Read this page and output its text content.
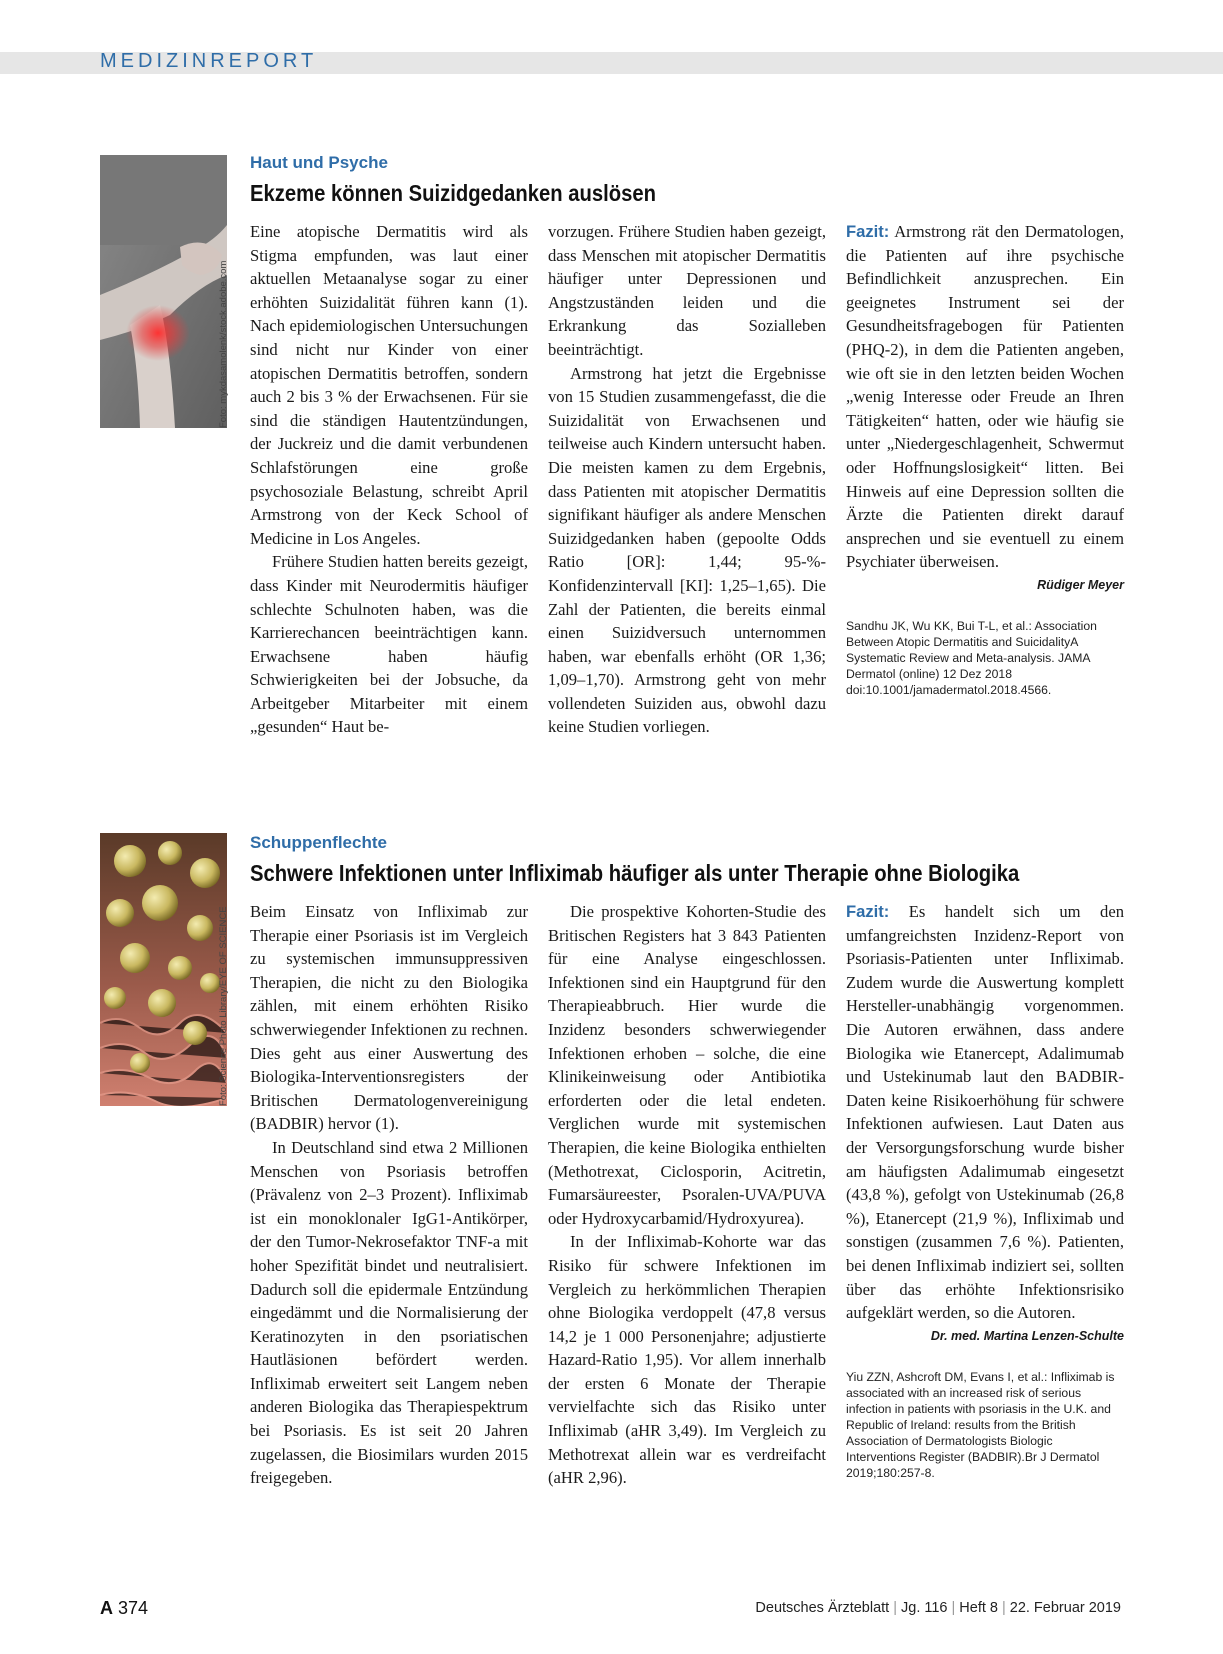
MEDIZINREPORT
Foto: mykdasamolenk/stock.adobe.com
Haut und Psyche
Ekzeme können Suizidgedanken auslösen

Eine atopische Dermatitis wird als Stigma empfunden, was laut einer aktuellen Metaanalyse sogar zu einer erhöhten Suizidalität führen kann (1). Nach epidemiologischen Untersuchungen sind nicht nur Kinder von einer atopischen Dermatitis betroffen, sondern auch 2 bis 3 % der Erwachsenen. Für sie sind die ständigen Hautentzündungen, der Juckreiz und die damit verbundenen Schlafstörungen eine große psychosoziale Belastung, schreibt April Armstrong von der Keck School of Medicine in Los Angeles.

Frühere Studien hatten bereits gezeigt, dass Kinder mit Neurodermitis häufiger schlechte Schulnoten haben, was die Karrierechancen beeinträchtigen kann. Erwachsene haben häufig Schwierigkeiten bei der Jobsuche, da Arbeitgeber Mitarbeiter mit einem „gesunden“ Haut be-

vorzugen. Frühere Studien haben gezeigt, dass Menschen mit atopischer Dermatitis häufiger unter Depressionen und Angstzuständen leiden und die Erkrankung das Sozialleben beeinträchtigt.

Armstrong hat jetzt die Ergebnisse von 15 Studien zusammengefasst, die die Suizidalität von Erwachsenen und teilweise auch Kindern untersucht haben. Die meisten kamen zu dem Ergebnis, dass Patienten mit atopischer Dermatitis signifikant häufiger als andere Menschen Suizidgedanken haben (gepoolte Odds Ratio [OR]: 1,44; 95-%-Konfidenzintervall [KI]: 1,25–1,65). Die Zahl der Patienten, die bereits einmal einen Suizidversuch unternommen haben, war ebenfalls erhöht (OR 1,36; 1,09–1,70). Armstrong geht von mehr vollendeten Suiziden aus, obwohl dazu keine Studien vorliegen.

Fazit: Armstrong rät den Dermatologen, die Patienten auf ihre psychische Befindlichkeit anzusprechen. Ein geeignetes Instrument sei der Gesundheitsfragebogen für Patienten (PHQ-2), in dem die Patienten angeben, wie oft sie in den letzten beiden Wochen „wenig Interesse oder Freude an Ihren Tätigkeiten“ hatten, oder wie häufig sie unter „Niedergeschlagenheit, Schwermut oder Hoffnungslosigkeit“ litten. Bei Hinweis auf eine Depression sollten die Ärzte die Patienten direkt darauf ansprechen und sie eventuell zu einem Psychiater überweisen.

Rüdiger Meyer
Sandhu JK, Wu KK, Bui T-L, et al.: Association Between Atopic Dermatitis and SuicidalityA Systematic Review and Meta-analysis. JAMA Dermatol (online) 12 Dez 2018 doi:10.1001/jamadermatol.2018.4566.
Foto: Science Photo Library/EYE OF SCIENCE
Schuppenflechte
Schwere Infektionen unter Infliximab häufiger als unter Therapie ohne Biologika

Beim Einsatz von Infliximab zur Therapie einer Psoriasis ist im Vergleich zu systemischen immunsuppressiven Therapien, die nicht zu den Biologika zählen, mit einem erhöhten Risiko schwerwiegender Infektionen zu rechnen. Dies geht aus einer Auswertung des Biologika-Interventionsregisters der Britischen Dermatologenvereinigung (BADBIR) hervor (1).

In Deutschland sind etwa 2 Millionen Menschen von Psoriasis betroffen (Prävalenz von 2–3 Prozent). Infliximab ist ein monoklonaler IgG1-Antikörper, der den Tumor-Nekrosefaktor TNF-a mit hoher Spezifität bindet und neutralisiert. Dadurch soll die epidermale Entzündung eingedämmt und die Normalisierung der Keratinozyten in den psoriatischen Hautläsionen befördert werden. Infliximab erweitert seit Langem neben anderen Biologika das Therapiespektrum bei Psoriasis. Es ist seit 20 Jahren zugelassen, die Biosimilars wurden 2015 freigegeben.

Die prospektive Kohorten-Studie des Britischen Registers hat 3 843 Patienten für eine Analyse eingeschlossen. Infektionen sind ein Hauptgrund für den Therapieabbruch. Hier wurde die Inzidenz besonders schwerwiegender Infektionen erhoben – solche, die eine Klinikeinweisung oder Antibiotika erforderten oder die letal endeten. Verglichen wurde mit systemischen Therapien, die keine Biologika enthielten (Methotrexat, Ciclosporin, Acitretin, Fumarsäureester, Psoralen-UVA/PUVA oder Hydroxycarbamid/Hydroxyurea).

In der Infliximab-Kohorte war das Risiko für schwere Infektionen im Vergleich zu herkömmlichen Therapien ohne Biologika verdoppelt (47,8 versus 14,2 je 1 000 Personenjahre; adjustierte Hazard-Ratio 1,95). Vor allem innerhalb der ersten 6 Monate der Therapie vervielfachte sich das Risiko unter Infliximab (aHR 3,49). Im Vergleich zu Methotrexat allein war es verdreifacht (aHR 2,96).

Fazit: Es handelt sich um den umfangreichsten Inzidenz-Report von Psoriasis-Patienten unter Infliximab. Zudem wurde die Auswertung komplett Hersteller-unabhängig vorgenommen. Die Autoren erwähnen, dass andere Biologika wie Etanercept, Adalimumab und Ustekinumab laut den BADBIR-Daten keine Risikoerhöhung für schwere Infektionen aufwiesen. Laut Daten aus der Versorgungsforschung wurde bisher am häufigsten Adalimumab eingesetzt (43,8 %), gefolgt von Ustekinumab (26,8 %), Etanercept (21,9 %), Infliximab und sonstigen (zusammen 7,6 %). Patienten, bei denen Infliximab indiziert sei, sollten über das erhöhte Infektionsrisiko aufgeklärt werden, so die Autoren.

Dr. med. Martina Lenzen-Schulte
Yiu ZZN, Ashcroft DM, Evans I, et al.: Infliximab is associated with an increased risk of serious infection in patients with psoriasis in the U.K. and Republic of Ireland: results from the British Association of Dermatologists Biologic Interventions Register (BADBIR).Br J Dermatol 2019;180:257-8.
A 374	Deutsches Ärzteblatt | Jg. 116 | Heft 8 | 22. Februar 2019
